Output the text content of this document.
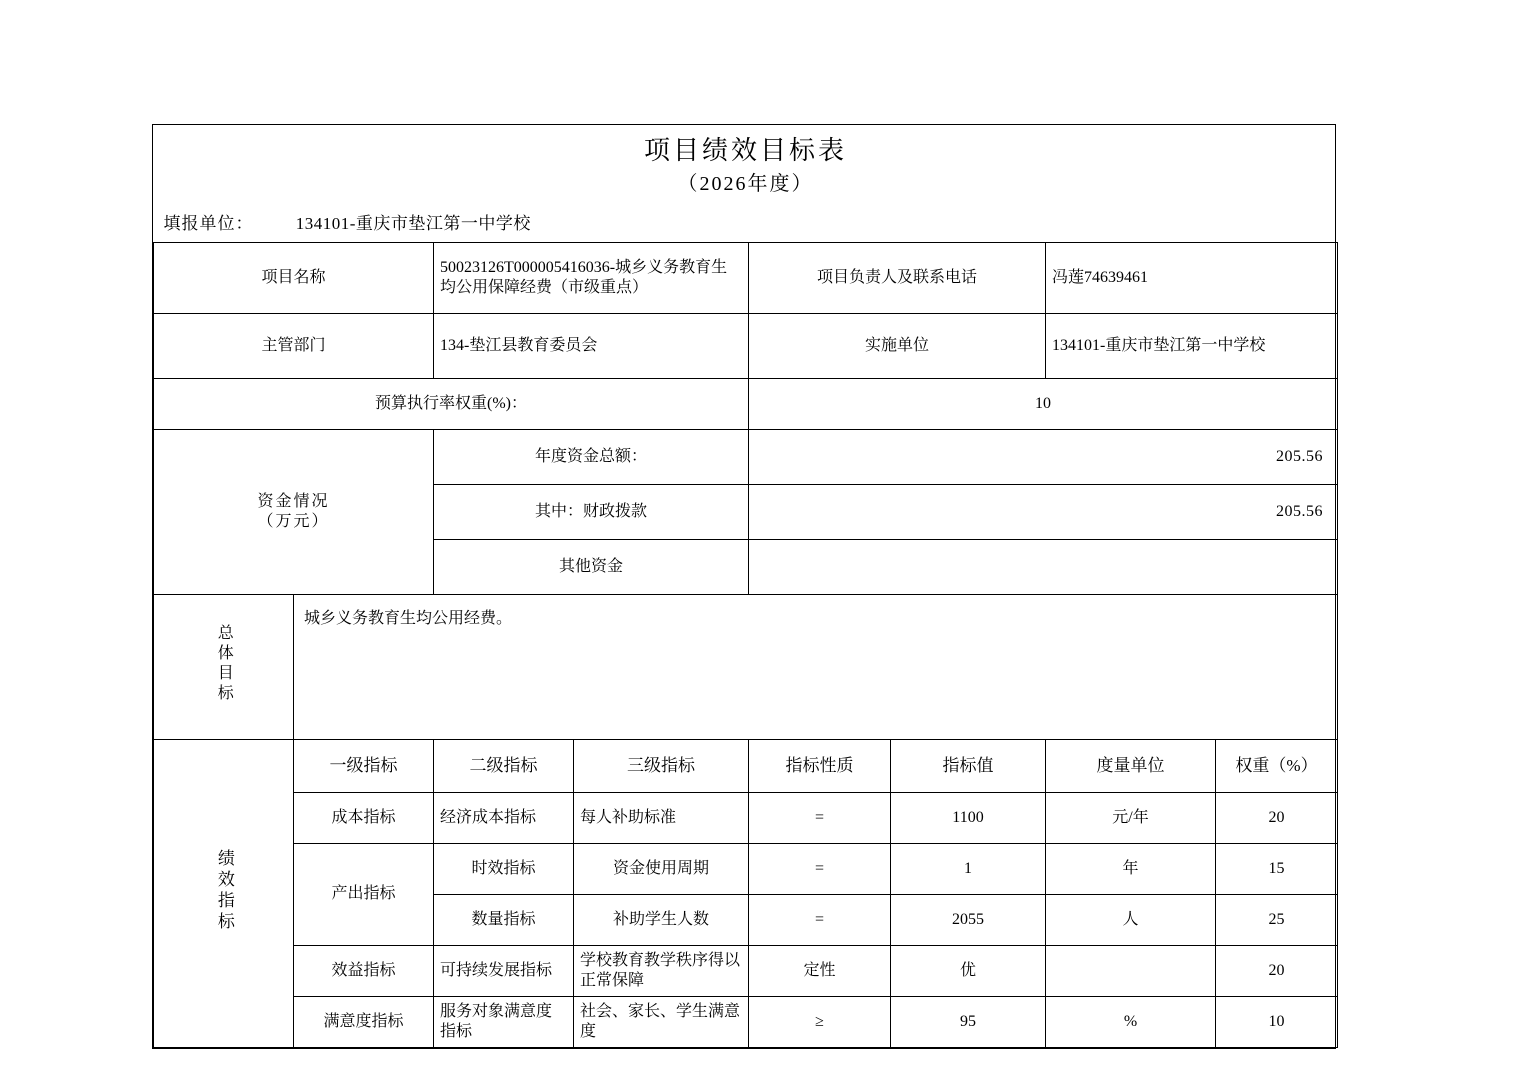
项目绩效目标表							
（2026年度）							
填报单位： 134101-重庆市垫江第一中学校							
项目名称		50023126T000005416036-城乡义务教育生均公用保障经费（市级重点）		项目负责人及联系电话		冯莲74639461	
主管部门		134-垫江县教育委员会		实施单位		134101-重庆市垫江第一中学校	
预算执行率权重(%)：				10			

资金情况
（万元）		年度资金总额：		205.56			
		其中：财政拨款		205.56			
		其他资金					
总体目标	城乡义务教育生均公用经费。						
绩效指标	一级指标	二级指标	三级指标	指标性质	指标值	度量单位	权重（%）
	成本指标	经济成本指标	每人补助标准	=	1100	元/年	20
	产出指标	时效指标	资金使用周期	=	1	年	15
		数量指标	补助学生人数	=	2055	人	25
	效益指标	可持续发展指标	学校教育教学秩序得以正常保障	定性	优		20
	满意度指标	服务对象满意度指标	社会、家长、学生满意度	≥	95	%	10
